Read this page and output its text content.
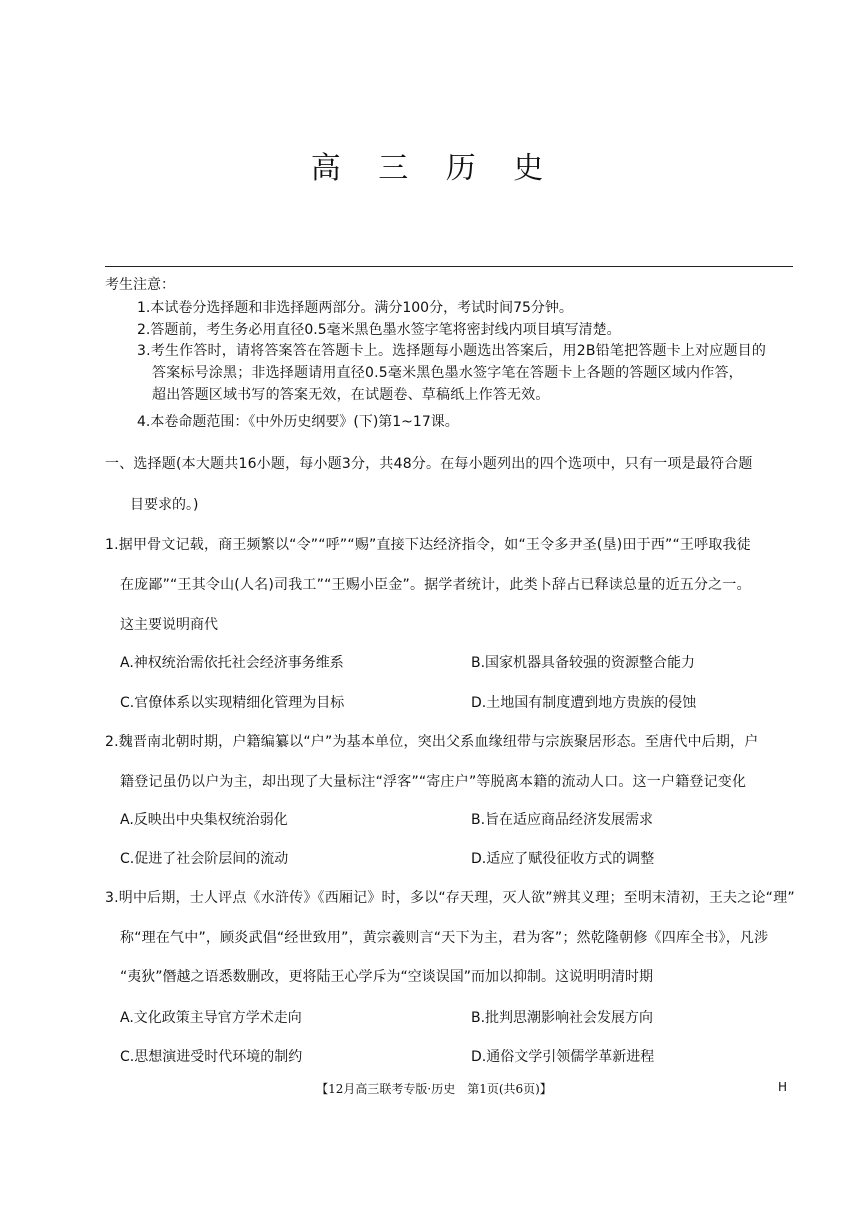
高 三 历 史
考生注意：
1.本试卷分选择题和非选择题两部分。满分100分，考试时间75分钟。
2.答题前，考生务必用直径0.5毫米黑色墨水签字笔将密封线内项目填写清楚。
3.考生作答时，请将答案答在答题卡上。选择题每小题选出答案后，用2B铅笔把答题卡上对应题目的
答案标号涂黑；非选择题请用直径0.5毫米黑色墨水签字笔在答题卡上各题的答题区域内作答，
超出答题区域书写的答案无效，在试题卷、草稿纸上作答无效。
4.本卷命题范围：《中外历史纲要》(下)第1~17课。
一、选择题(本大题共16小题，每小题3分，共48分。在每小题列出的四个选项中，只有一项是最符合题
目要求的。)
1.据甲骨文记载，商王频繁以“令”“呼”“赐”直接下达经济指令，如“王令多尹圣(垦)田于西”“王呼取我徒
在庞鄙”“王其令山(人名)司我工”“王赐小臣金”。据学者统计，此类卜辞占已释读总量的近五分之一。
这主要说明商代
A.神权统治需依托社会经济事务维系	B.国家机器具备较强的资源整合能力
C.官僚体系以实现精细化管理为目标	D.土地国有制度遭到地方贵族的侵蚀
2.魏晋南北朝时期，户籍编纂以“户”为基本单位，突出父系血缘纽带与宗族聚居形态。至唐代中后期，户
籍登记虽仍以户为主，却出现了大量标注“浮客”“寄庄户”等脱离本籍的流动人口。这一户籍登记变化
A.反映出中央集权统治弱化	B.旨在适应商品经济发展需求
C.促进了社会阶层间的流动	D.适应了赋役征收方式的调整
3.明中后期，士人评点《水浒传》《西厢记》时，多以“存天理，灭人欲”辨其义理；至明末清初，王夫之论“理”
称“理在气中”，顾炎武倡“经世致用”，黄宗羲则言“天下为主，君为客”；然乾隆朝修《四库全书》，凡涉
“夷狄”僭越之语悉数删改，更将陆王心学斥为“空谈误国”而加以抑制。这说明明清时期
A.文化政策主导官方学术走向	B.批判思潮影响社会发展方向
C.思想演进受时代环境的制约	D.通俗文学引领儒学革新进程
【12月高三联考专版·历史　第1页(共6页)】	H
